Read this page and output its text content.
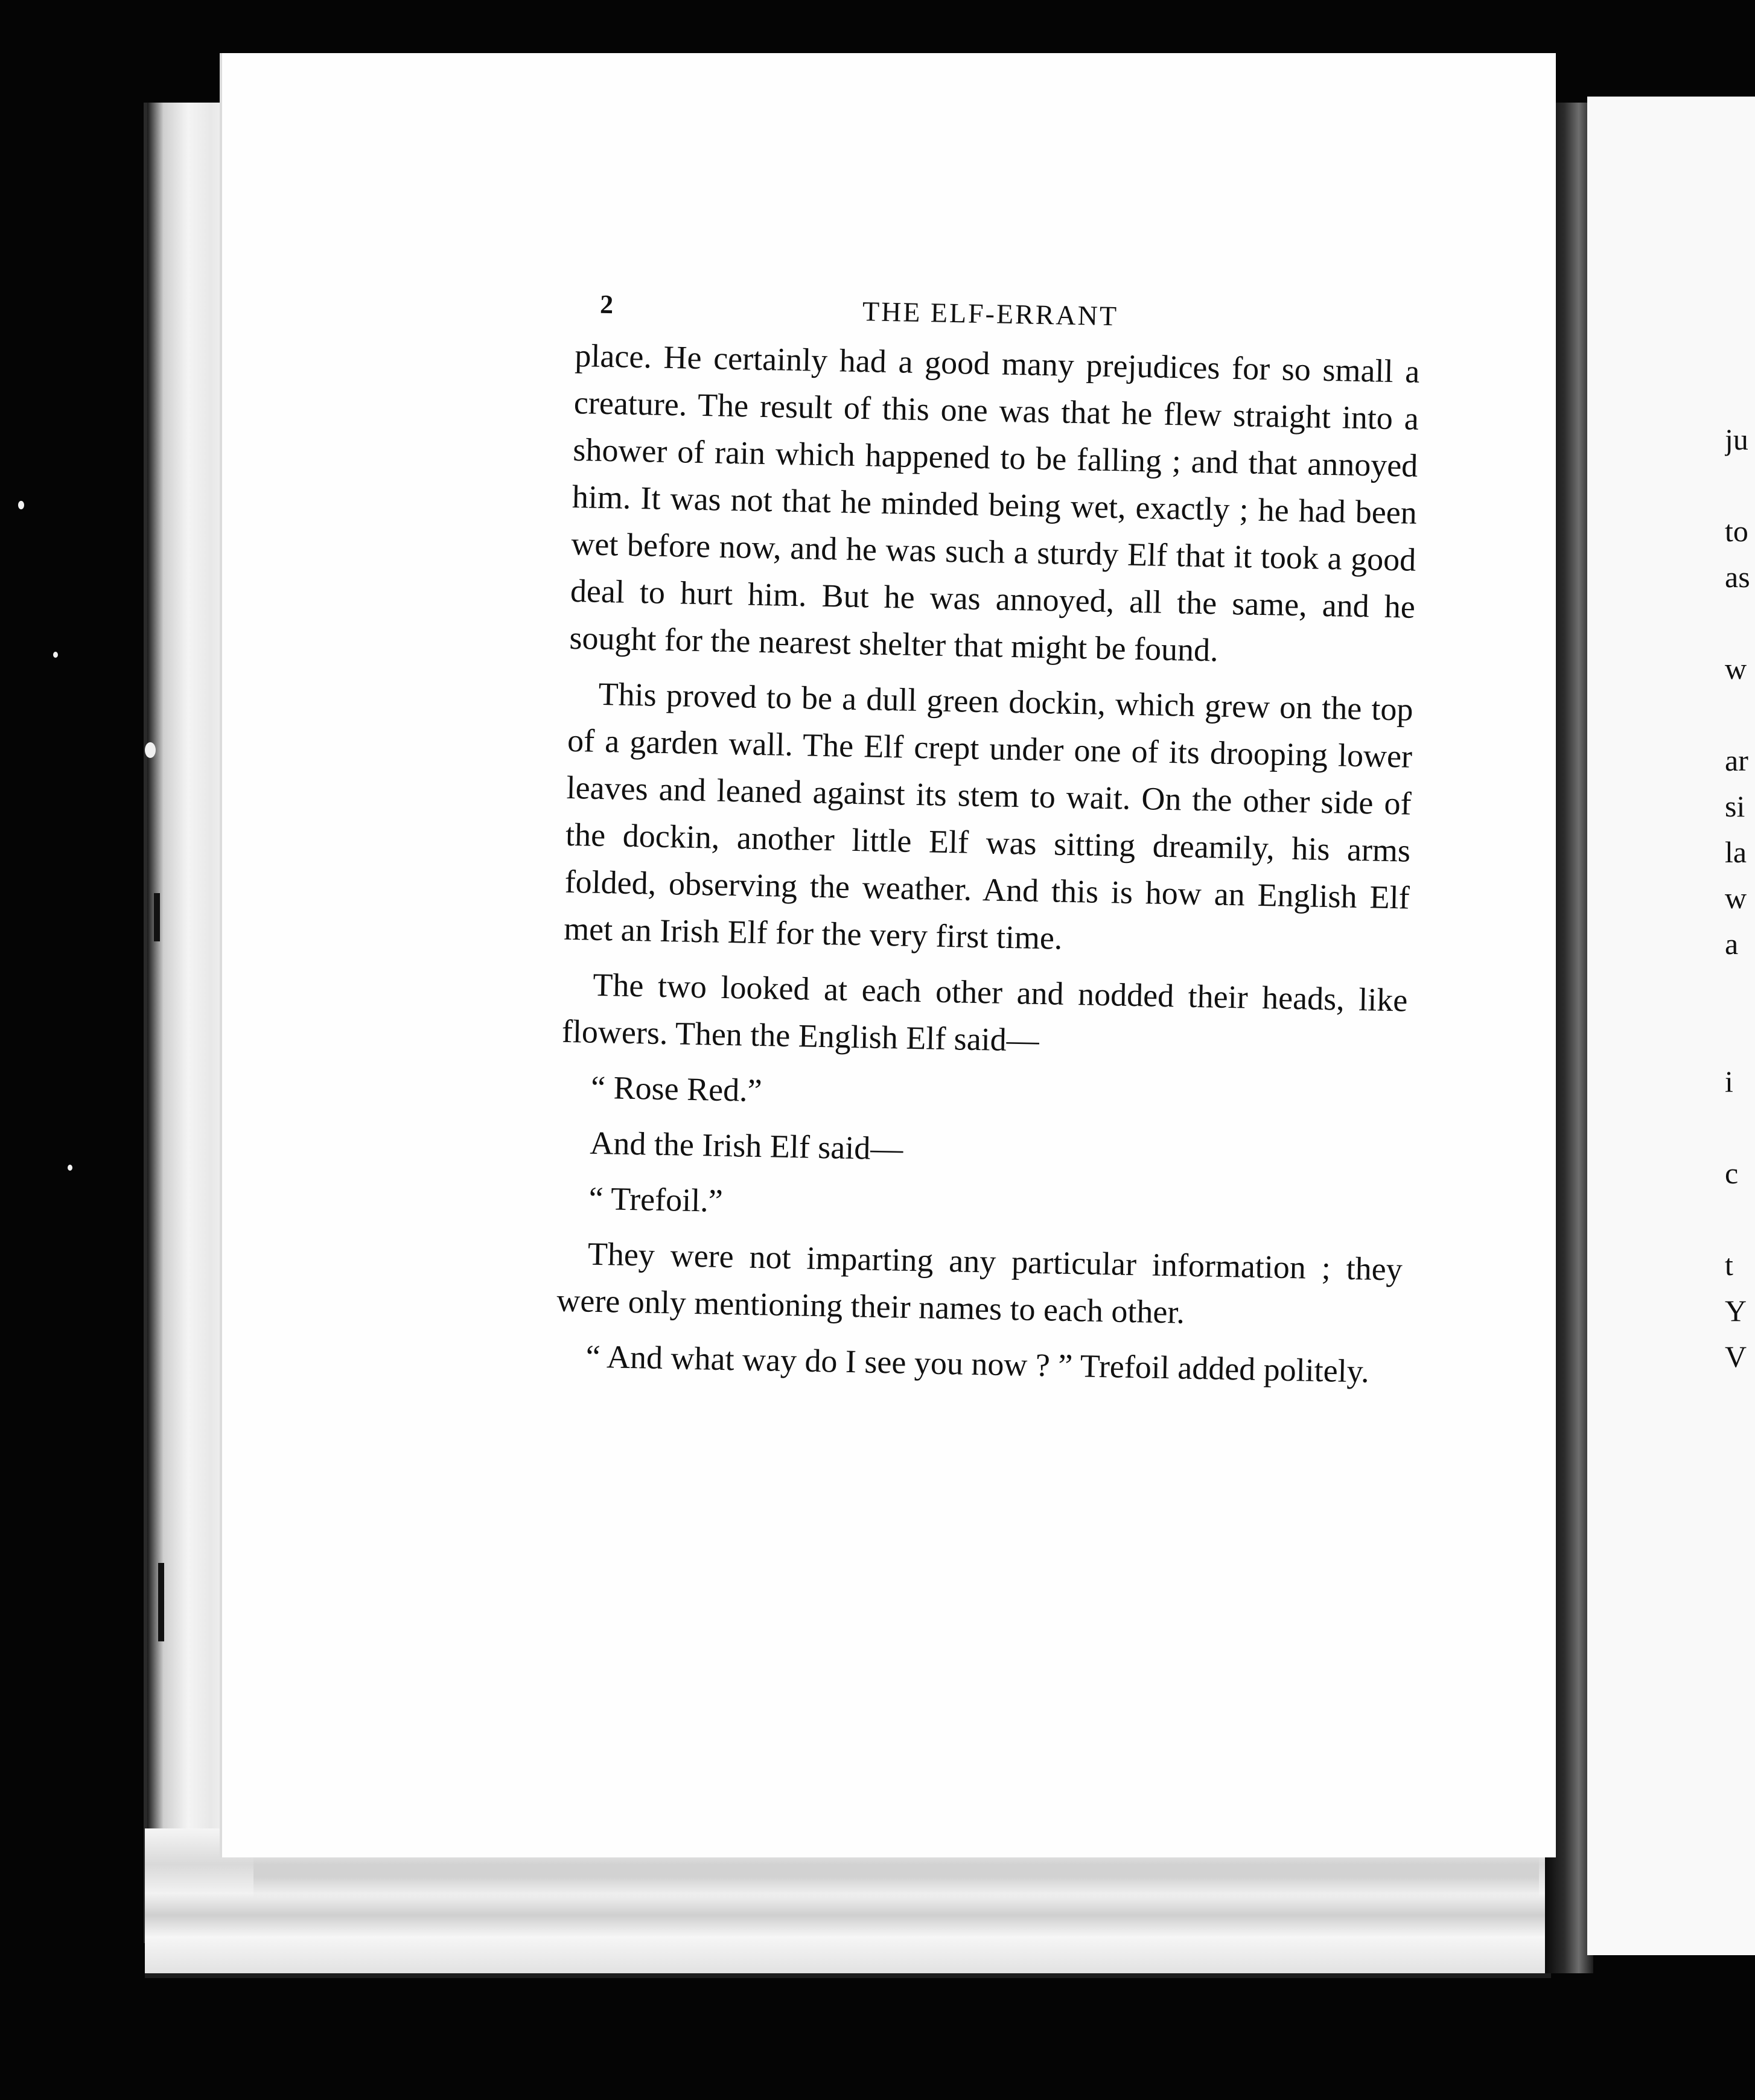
ju
to
as
w
ar
si
la
w
a
i
c
t
Y
V
2	THE ELF-ERRANT

place. He certainly had a good many prejudices for so small a creature. The result of this one was that he flew straight into a shower of rain which happened to be falling ; and that annoyed him. It was not that he minded being wet, exactly ; he had been wet before now, and he was such a sturdy Elf that it took a good deal to hurt him. But he was annoyed, all the same, and he sought for the nearest shelter that might be found.

This proved to be a dull green dockin, which grew on the top of a garden wall. The Elf crept under one of its drooping lower leaves and leaned against its stem to wait. On the other side of the dockin, another little Elf was sitting dreamily, his arms folded, observing the weather. And this is how an English Elf met an Irish Elf for the very first time.

The two looked at each other and nodded their heads, like flowers. Then the English Elf said—

“ Rose Red.”

And the Irish Elf said—

“ Trefoil.”

They were not imparting any particular information ; they were only mentioning their names to each other.

“ And what way do I see you now ? ” Trefoil added politely.
